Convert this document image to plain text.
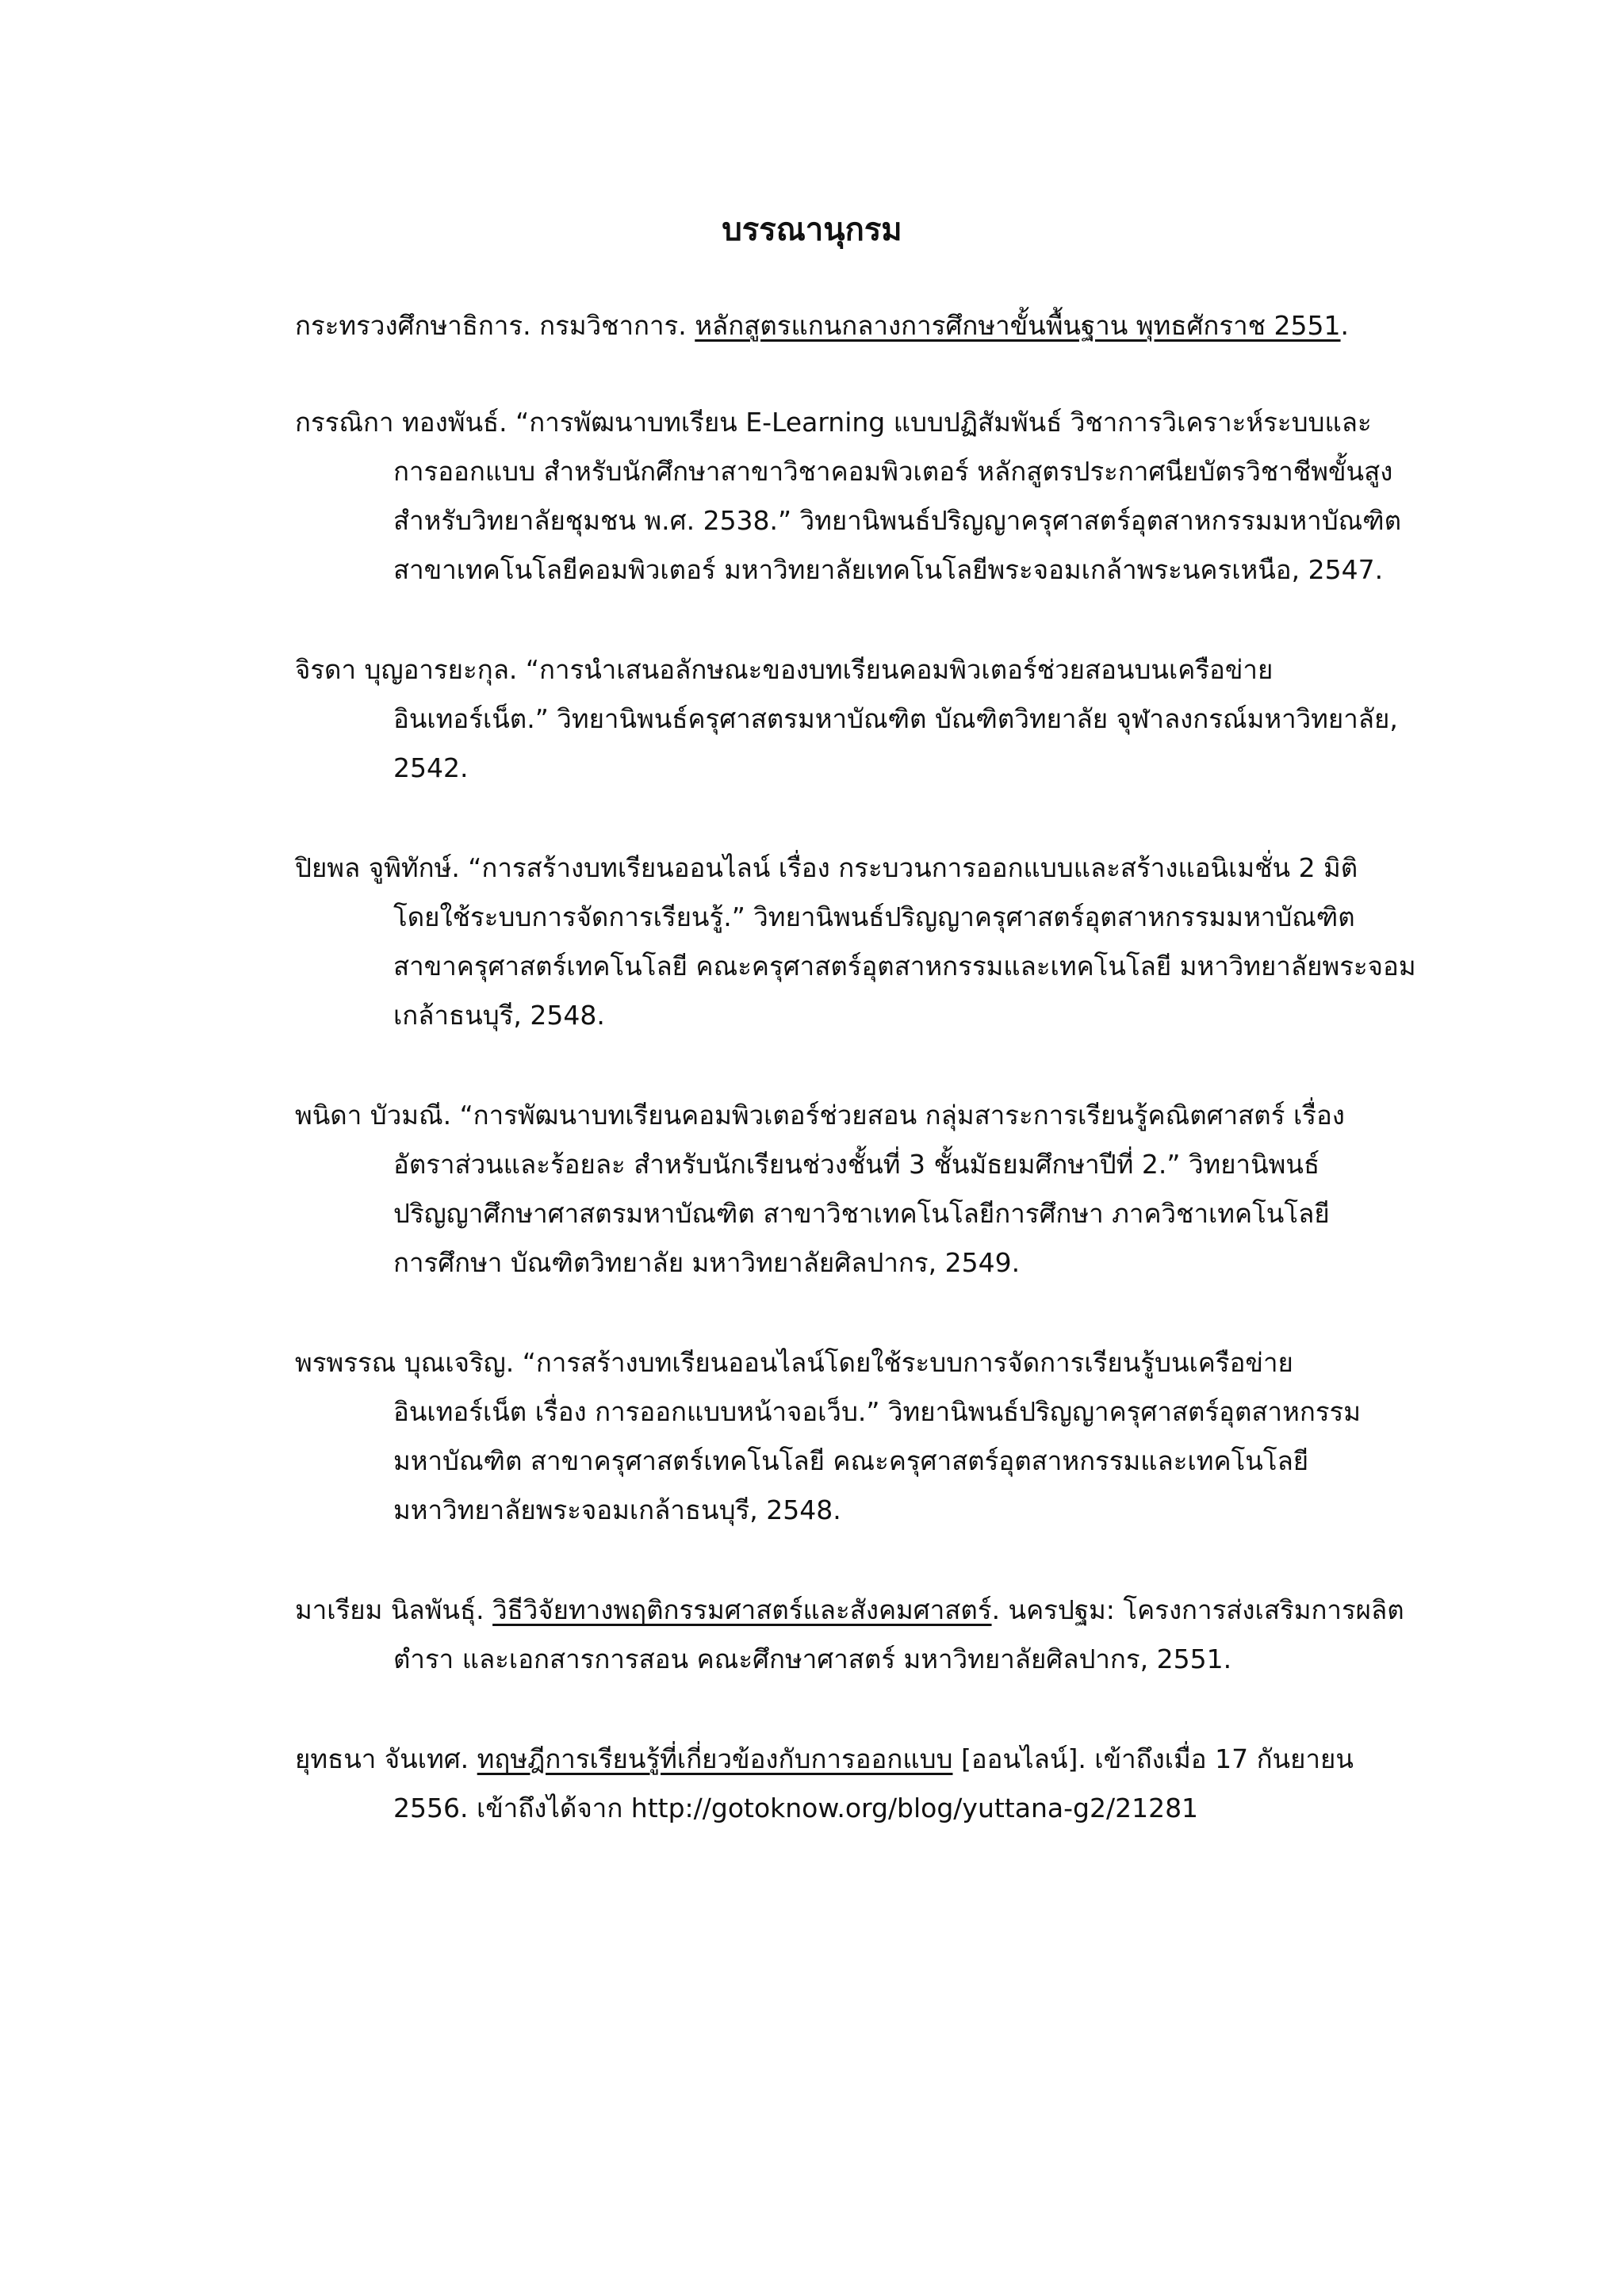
บรรณานุกรม
กระทรวงศึกษาธิการ. กรมวิชาการ. หลักสูตรแกนกลางการศึกษาขั้นพื้นฐาน พุทธศักราช 2551.
กรรณิกา ทองพันธ์. “การพัฒนาบทเรียน E-Learning แบบปฏิสัมพันธ์ วิชาการวิเคราะห์ระบบและ
การออกแบบ สำหรับนักศึกษาสาขาวิชาคอมพิวเตอร์ หลักสูตรประกาศนียบัตรวิชาชีพขั้นสูง
สำหรับวิทยาลัยชุมชน พ.ศ. 2538.” วิทยานิพนธ์ปริญญาครุศาสตร์อุตสาหกรรมมหาบัณฑิต
สาขาเทคโนโลยีคอมพิวเตอร์ มหาวิทยาลัยเทคโนโลยีพระจอมเกล้าพระนครเหนือ, 2547.
จิรดา บุญอารยะกุล. “การนำเสนอลักษณะของบทเรียนคอมพิวเตอร์ช่วยสอนบนเครือข่าย
อินเทอร์เน็ต.” วิทยานิพนธ์ครุศาสตรมหาบัณฑิต บัณฑิตวิทยาลัย จุฬาลงกรณ์มหาวิทยาลัย,
2542.
ปิยพล จูพิทักษ์. “การสร้างบทเรียนออนไลน์ เรื่อง กระบวนการออกแบบและสร้างแอนิเมชั่น 2 มิติ
โดยใช้ระบบการจัดการเรียนรู้.” วิทยานิพนธ์ปริญญาครุศาสตร์อุตสาหกรรมมหาบัณฑิต
สาขาครุศาสตร์เทคโนโลยี คณะครุศาสตร์อุตสาหกรรมและเทคโนโลยี มหาวิทยาลัยพระจอม
เกล้าธนบุรี, 2548.
พนิดา บัวมณี. “การพัฒนาบทเรียนคอมพิวเตอร์ช่วยสอน กลุ่มสาระการเรียนรู้คณิตศาสตร์ เรื่อง
อัตราส่วนและร้อยละ สำหรับนักเรียนช่วงชั้นที่ 3 ชั้นมัธยมศึกษาปีที่ 2.” วิทยานิพนธ์
ปริญญาศึกษาศาสตรมหาบัณฑิต สาขาวิชาเทคโนโลยีการศึกษา ภาควิชาเทคโนโลยี
การศึกษา บัณฑิตวิทยาลัย มหาวิทยาลัยศิลปากร, 2549.
พรพรรณ บุณเจริญ. “การสร้างบทเรียนออนไลน์โดยใช้ระบบการจัดการเรียนรู้บนเครือข่าย
อินเทอร์เน็ต เรื่อง การออกแบบหน้าจอเว็บ.” วิทยานิพนธ์ปริญญาครุศาสตร์อุตสาหกรรม
มหาบัณฑิต สาขาครุศาสตร์เทคโนโลยี คณะครุศาสตร์อุตสาหกรรมและเทคโนโลยี
มหาวิทยาลัยพระจอมเกล้าธนบุรี, 2548.
มาเรียม นิลพันธุ์. วิธีวิจัยทางพฤติกรรมศาสตร์และสังคมศาสตร์. นครปฐม: โครงการส่งเสริมการผลิต
ตำรา และเอกสารการสอน คณะศึกษาศาสตร์ มหาวิทยาลัยศิลปากร, 2551.
ยุทธนา จันเทศ. ทฤษฎีการเรียนรู้ที่เกี่ยวข้องกับการออกแบบ [ออนไลน์]. เข้าถึงเมื่อ 17 กันยายน
2556. เข้าถึงได้จาก http://gotoknow.org/blog/yuttana-g2/21281
